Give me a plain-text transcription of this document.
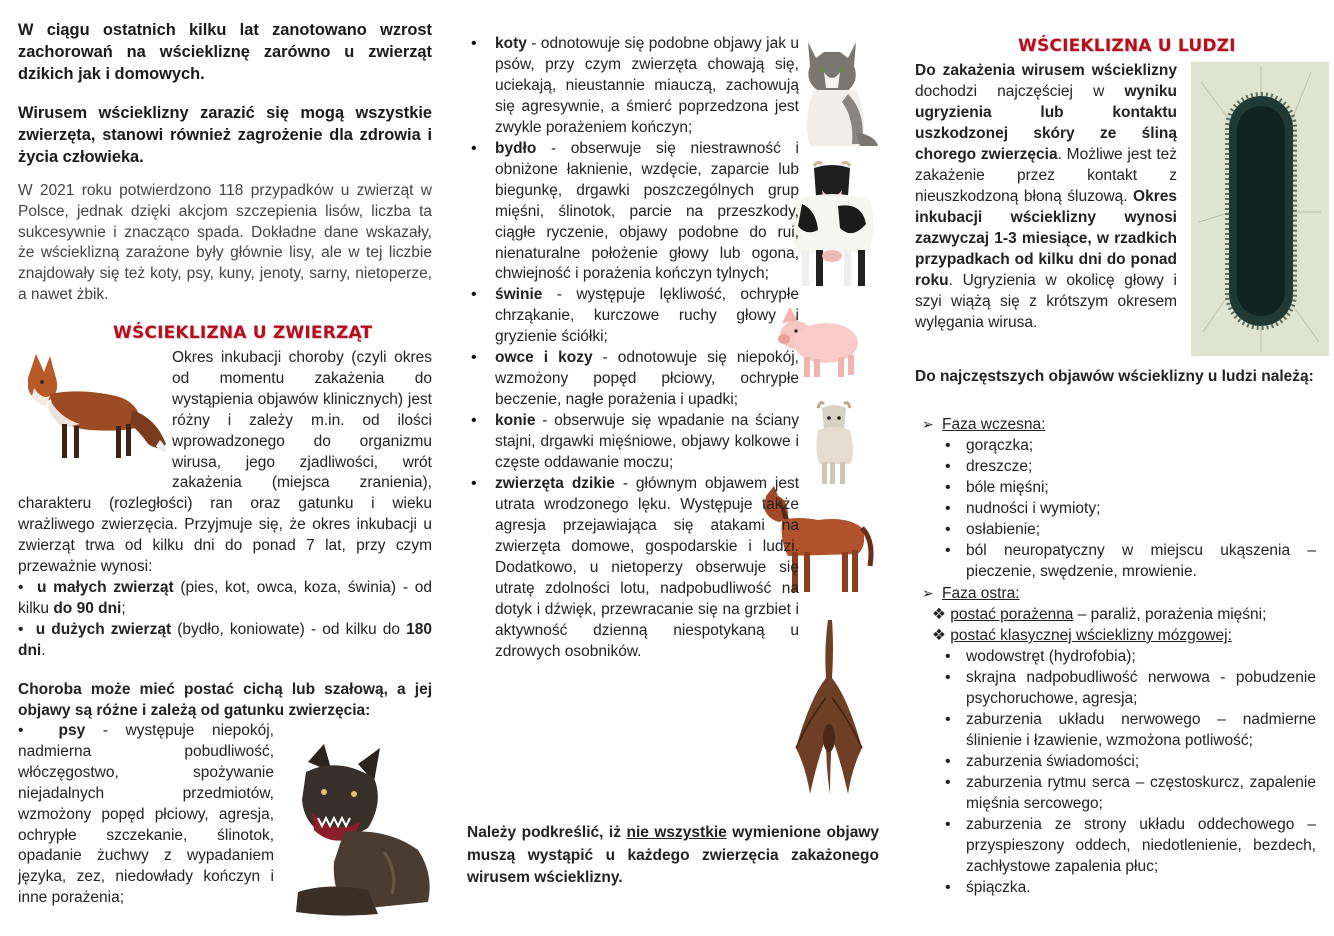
W ciągu ostatnich kilku lat zanotowano wzrost zachorowań na wściekliznę zarówno u zwierząt dzikich jak i domowych.

Wirusem wścieklizny zarazić się mogą wszystkie zwierzęta, stanowi również zagrożenie dla zdrowia i życia człowieka.

W 2021 roku potwierdzono 118 przypadków u zwierząt w Polsce, jednak dzięki akcjom szczepienia lisów, liczba ta sukcesywnie i znacząco spada. Dokładne dane wskazały, że wścieklizną zarażone były głównie lisy, ale w tej liczbie znajdowały się też koty, psy, kuny, jenoty, sarny, nietoperze, a nawet żbik.

WŚCIEKLIZNA U ZWIERZĄT

Okres inkubacji choroby (czyli okres od momentu zakażenia do wystąpienia objawów klinicznych) jest różny i zależy m.in. od ilości wprowadzonego do organizmu wirusa, jego zjadliwości, wrót zakażenia (miejsca zranienia), charakteru (rozległości) ran oraz gatunku i wieku wrażliwego zwierzęcia. Przyjmuje się, że okres inkubacji u zwierząt trwa od kilku dni do ponad 7 lat, przy czym przeważnie wynosi:

•  u małych zwierząt (pies, kot, owca, koza, świnia) - od kilku do 90 dni;

•  u dużych zwierząt (bydło, koniowate) - od kilku do 180 dni.

Choroba może mieć postać cichą lub szałową, a jej objawy są różne i zależą od gatunku zwierzęcia:

•  psy - występuje niepokój, nadmierna pobudliwość, włóczęgostwo, spożywanie niejadalnych przedmiotów, wzmożony popęd płciowy, agresja, ochrypłe szczekanie, ślinotok, opadanie żuchwy z wypadaniem języka, zez, niedowłady kończyn i inne porażenia;

• koty - odnotowuje się podobne objawy jak u psów, przy czym zwierzęta chowają się, uciekają, nieustannie miauczą, zachowują się agresywnie, a śmierć poprzedzona jest zwykle porażeniem kończyn;
• bydło - obserwuje się niestrawność i obniżone łaknienie, wzdęcie, zaparcie lub biegunkę, drgawki poszczególnych grup mięśni, ślinotok, parcie na przeszkody, ciągłe ryczenie, objawy podobne do rui, nienaturalne położenie głowy lub ogona, chwiejność i porażenia kończyn tylnych;
• świnie - występuje lękliwość, ochrypłe chrząkanie, kurczowe ruchy głowy i gryzienie ściółki;
• owce i kozy - odnotowuje się niepokój, wzmożony popęd płciowy, ochrypłe beczenie, nagłe porażenia i upadki;
• konie - obserwuje się wpadanie na ściany stajni, drgawki mięśniowe, objawy kolkowe i częste oddawanie moczu;
• zwierzęta dzikie - głównym objawem jest utrata wrodzonego lęku. Występuje także agresja przejawiająca się atakami na zwierzęta domowe, gospodarskie i ludzi. Dodatkowo, u nietoperzy obserwuje się utratę zdolności lotu, nadpobudliwość na dotyk i dźwięk, przewracanie się na grzbiet i aktywność dzienną niespotykaną u zdrowych osobników.

Należy podkreślić, iż nie wszystkie wymienione objawy muszą wystąpić u każdego zwierzęcia zakażonego wirusem wścieklizny.

WŚCIEKLIZNA U LUDZI

Do zakażenia wirusem wścieklizny dochodzi najczęściej w wyniku ugryzienia lub kontaktu uszkodzonej skóry ze śliną chorego zwierzęcia. Możliwe jest też zakażenie przez kontakt z nieuszkodzoną błoną śluzową. Okres inkubacji wścieklizny wynosi zazwyczaj 1-3 miesiące, w rzadkich przypadkach od kilku dni do ponad roku. Ugryzienia w okolicę głowy i szyi wiążą się z krótszym okresem wylęgania wirusa.

Do najczęstszych objawów wścieklizny u ludzi należą:

➢ Faza wczesna:
• gorączka;
• dreszcze;
• bóle mięśni;
• nudności i wymioty;
• osłabienie;
• ból neuropatyczny w miejscu ukąszenia – pieczenie, swędzenie, mrowienie.
➢ Faza ostra:
❖ postać porażenna – paraliż, porażenia mięśni;
❖ postać klasycznej wścieklizny mózgowej:
• wodowstręt (hydrofobia);
• skrajna nadpobudliwość nerwowa - pobudzenie psychoruchowe, agresja;
• zaburzenia układu nerwowego – nadmierne ślinienie i łzawienie, wzmożona potliwość;
• zaburzenia świadomości;
• zaburzenia rytmu serca – częstoskurcz, zapalenie mięśnia sercowego;
• zaburzenia ze strony układu oddechowego – przyspieszony oddech, niedotlenienie, bezdech, zachłystowe zapalenia płuc;
• śpiączka.
